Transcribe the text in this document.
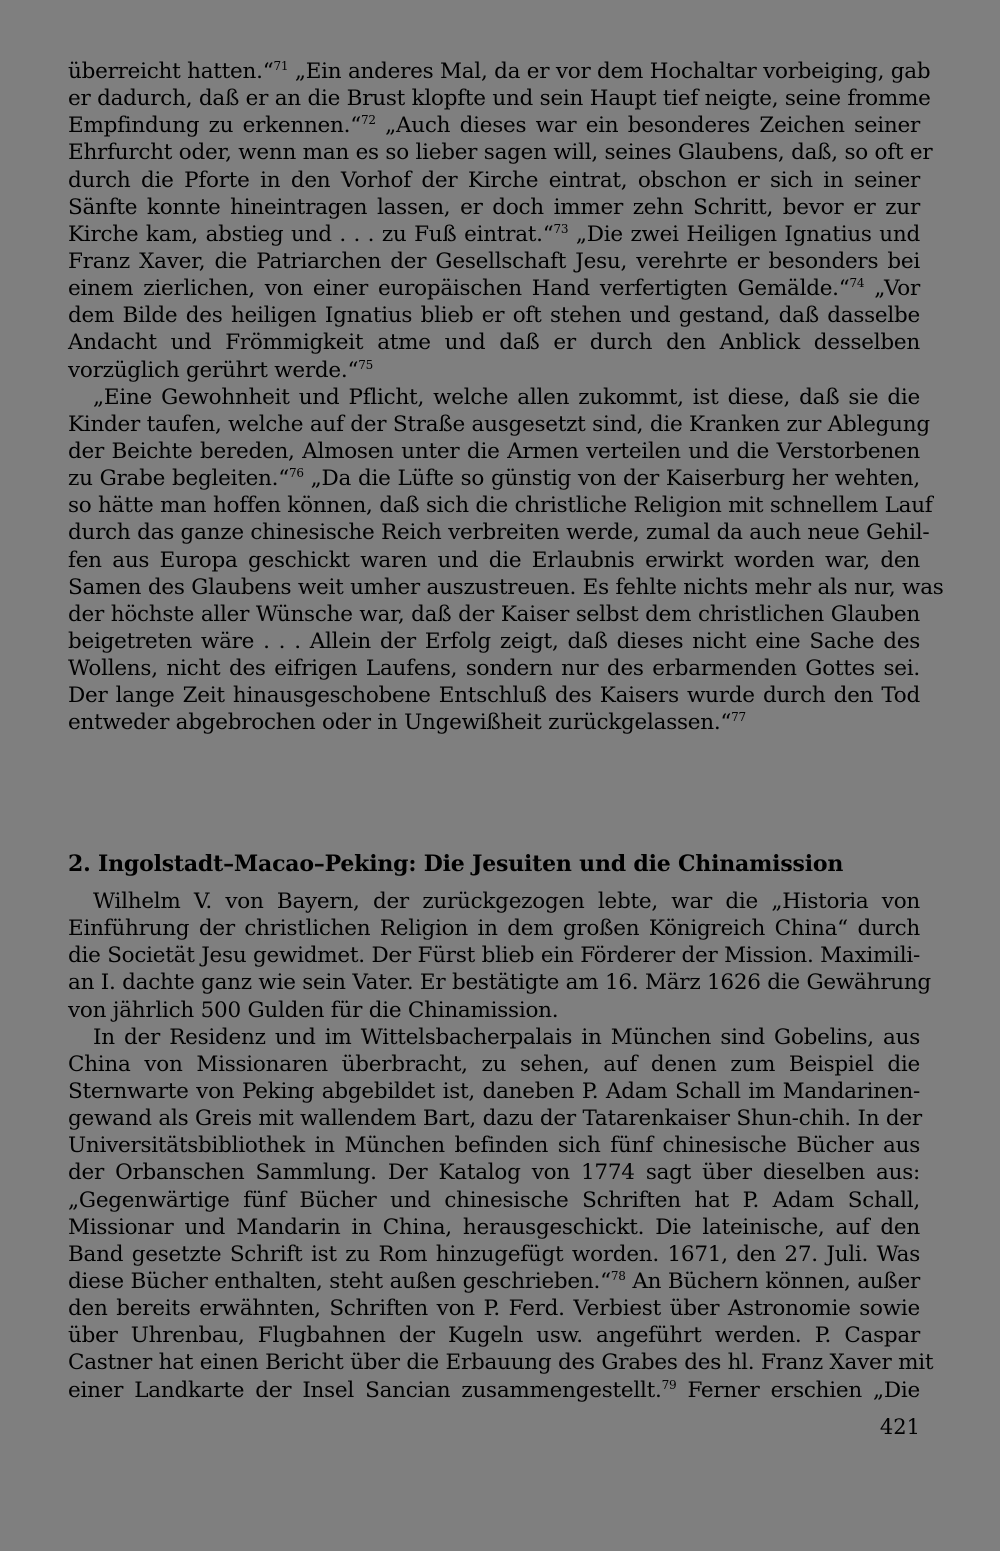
überreicht hatten.“$^{71}$ „Ein anderes Mal, da er vor dem Hochaltar vorbeiging, gab
er dadurch, daß er an die Brust klopfte und sein Haupt tief neigte, seine fromme
Empfindung zu erkennen.“$^{72}$ „Auch dieses war ein besonderes Zeichen seiner
Ehrfurcht oder, wenn man es so lieber sagen will, seines Glaubens, daß, so oft er
durch die Pforte in den Vorhof der Kirche eintrat, obschon er sich in seiner
Sänfte konnte hineintragen lassen, er doch immer zehn Schritt, bevor er zur
Kirche kam, abstieg und . . . zu Fuß eintrat.“$^{73}$ „Die zwei Heiligen Ignatius und
Franz Xaver, die Patriarchen der Gesellschaft Jesu, verehrte er besonders bei
einem zierlichen, von einer europäischen Hand verfertigten Gemälde.“$^{74}$ „Vor
dem Bilde des heiligen Ignatius blieb er oft stehen und gestand, daß dasselbe
Andacht und Frömmigkeit atme und daß er durch den Anblick desselben
vorzüglich gerührt werde.“$^{75}$
„Eine Gewohnheit und Pflicht, welche allen zukommt, ist diese, daß sie die
Kinder taufen, welche auf der Straße ausgesetzt sind, die Kranken zur Ablegung
der Beichte bereden, Almosen unter die Armen verteilen und die Verstorbenen
zu Grabe begleiten.“$^{76}$ „Da die Lüfte so günstig von der Kaiserburg her wehten,
so hätte man hoffen können, daß sich die christliche Religion mit schnellem Lauf
durch das ganze chinesische Reich verbreiten werde, zumal da auch neue Gehil-
fen aus Europa geschickt waren und die Erlaubnis erwirkt worden war, den
Samen des Glaubens weit umher auszustreuen. Es fehlte nichts mehr als nur, was
der höchste aller Wünsche war, daß der Kaiser selbst dem christlichen Glauben
beigetreten wäre . . . Allein der Erfolg zeigt, daß dieses nicht eine Sache des
Wollens, nicht des eifrigen Laufens, sondern nur des erbarmenden Gottes sei.
Der lange Zeit hinausgeschobene Entschluß des Kaisers wurde durch den Tod
entweder abgebrochen oder in Ungewißheit zurückgelassen.“$^{77}$
2. Ingolstadt–Macao–Peking: Die Jesuiten und die Chinamission
Wilhelm V. von Bayern, der zurückgezogen lebte, war die „Historia von
Einführung der christlichen Religion in dem großen Königreich China“ durch
die Societät Jesu gewidmet. Der Fürst blieb ein Förderer der Mission. Maximili-
an I. dachte ganz wie sein Vater. Er bestätigte am 16. März 1626 die Gewährung
von jährlich 500 Gulden für die Chinamission.
In der Residenz und im Wittelsbacherpalais in München sind Gobelins, aus
China von Missionaren überbracht, zu sehen, auf denen zum Beispiel die
Sternwarte von Peking abgebildet ist, daneben P. Adam Schall im Mandarinen-
gewand als Greis mit wallendem Bart, dazu der Tatarenkaiser Shun-chih. In der
Universitätsbibliothek in München befinden sich fünf chinesische Bücher aus
der Orbanschen Sammlung. Der Katalog von 1774 sagt über dieselben aus:
„Gegenwärtige fünf Bücher und chinesische Schriften hat P. Adam Schall,
Missionar und Mandarin in China, herausgeschickt. Die lateinische, auf den
Band gesetzte Schrift ist zu Rom hinzugefügt worden. 1671, den 27. Juli. Was
diese Bücher enthalten, steht außen geschrieben.“$^{78}$ An Büchern können, außer
den bereits erwähnten, Schriften von P. Ferd. Verbiest über Astronomie sowie
über Uhrenbau, Flugbahnen der Kugeln usw. angeführt werden. P. Caspar
Castner hat einen Bericht über die Erbauung des Grabes des hl. Franz Xaver mit
einer Landkarte der Insel Sancian zusammengestellt.$^{79}$ Ferner erschien „Die
421
